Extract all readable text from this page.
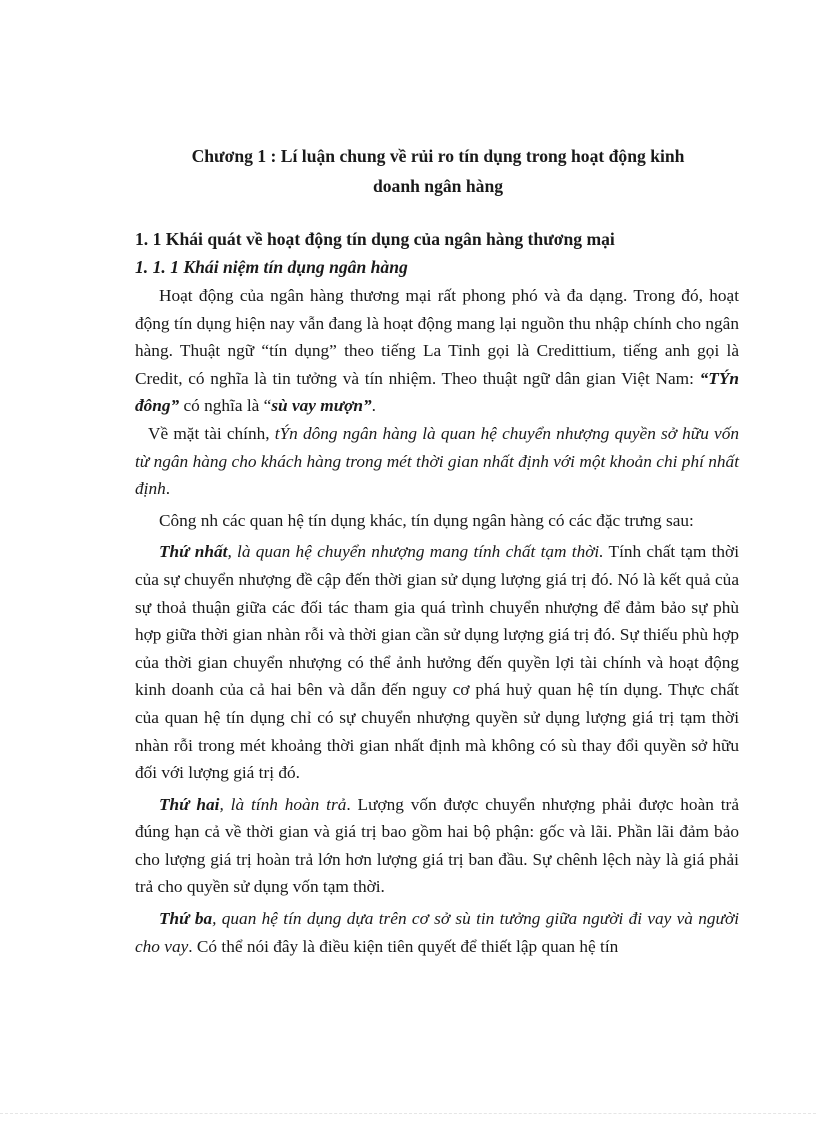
Chương 1 : Lí luận chung về rủi ro tín dụng trong hoạt động kinh
doanh ngân hàng
1. 1 Khái quát về hoạt động tín dụng của ngân hàng thương mại
1. 1. 1 Khái niệm tín dụng ngân hàng

Hoạt động của ngân hàng thương mại rất phong phó và đa dạng. Trong đó, hoạt động tín dụng hiện nay vẫn đang là hoạt động mang lại nguồn thu nhập chính cho ngân hàng. Thuật ngữ “tín dụng” theo tiếng La Tinh gọi là Credittium, tiếng anh gọi là Credit, có nghĩa là tin tưởng và tín nhiệm. Theo thuật ngữ dân gian Việt Nam: “TÝn đông” có nghĩa là “sù vay mượn”.

Về mặt tài chính, tÝn dông ngân hàng là quan hệ chuyển nhượng quyền sở hữu vốn từ ngân hàng cho khách hàng trong mét thời gian nhất định với một khoản chi phí nhất định.

Công nh các quan hệ tín dụng khác, tín dụng ngân hàng có các đặc trưng sau:

Thứ nhất, là quan hệ chuyển nhượng mang tính chất tạm thời. Tính chất tạm thời của sự chuyển nhượng đề cập đến thời gian sử dụng lượng giá trị đó. Nó là kết quả của sự thoả thuận giữa các đối tác tham gia quá trình chuyển nhượng để đảm bảo sự phù hợp giữa thời gian nhàn rỗi và thời gian cần sử dụng lượng giá trị đó. Sự thiếu phù hợp của thời gian chuyển nhượng có thể ảnh hưởng đến quyền lợi tài chính và hoạt động kinh doanh của cả hai bên và dẫn đến nguy cơ phá huỷ quan hệ tín dụng. Thực chất của quan hệ tín dụng chỉ có sự chuyển nhượng quyền sử dụng lượng giá trị tạm thời nhàn rỗi trong mét khoảng thời gian nhất định mà không có sù thay đổi quyền sở hữu đối với lượng giá trị đó.

Thứ hai, là tính hoàn trả. Lượng vốn được chuyển nhượng phải được hoàn trả đúng hạn cả về thời gian và giá trị bao gồm hai bộ phận: gốc và lãi. Phần lãi đảm bảo cho lượng giá trị hoàn trả lớn hơn lượng giá trị ban đầu. Sự chênh lệch này là giá phải trả cho quyền sử dụng vốn tạm thời.

Thứ ba, quan hệ tín dụng dựa trên cơ sở sù tin tưởng giữa người đi vay và người cho vay. Có thể nói đây là điều kiện tiên quyết để thiết lập quan hệ tín
